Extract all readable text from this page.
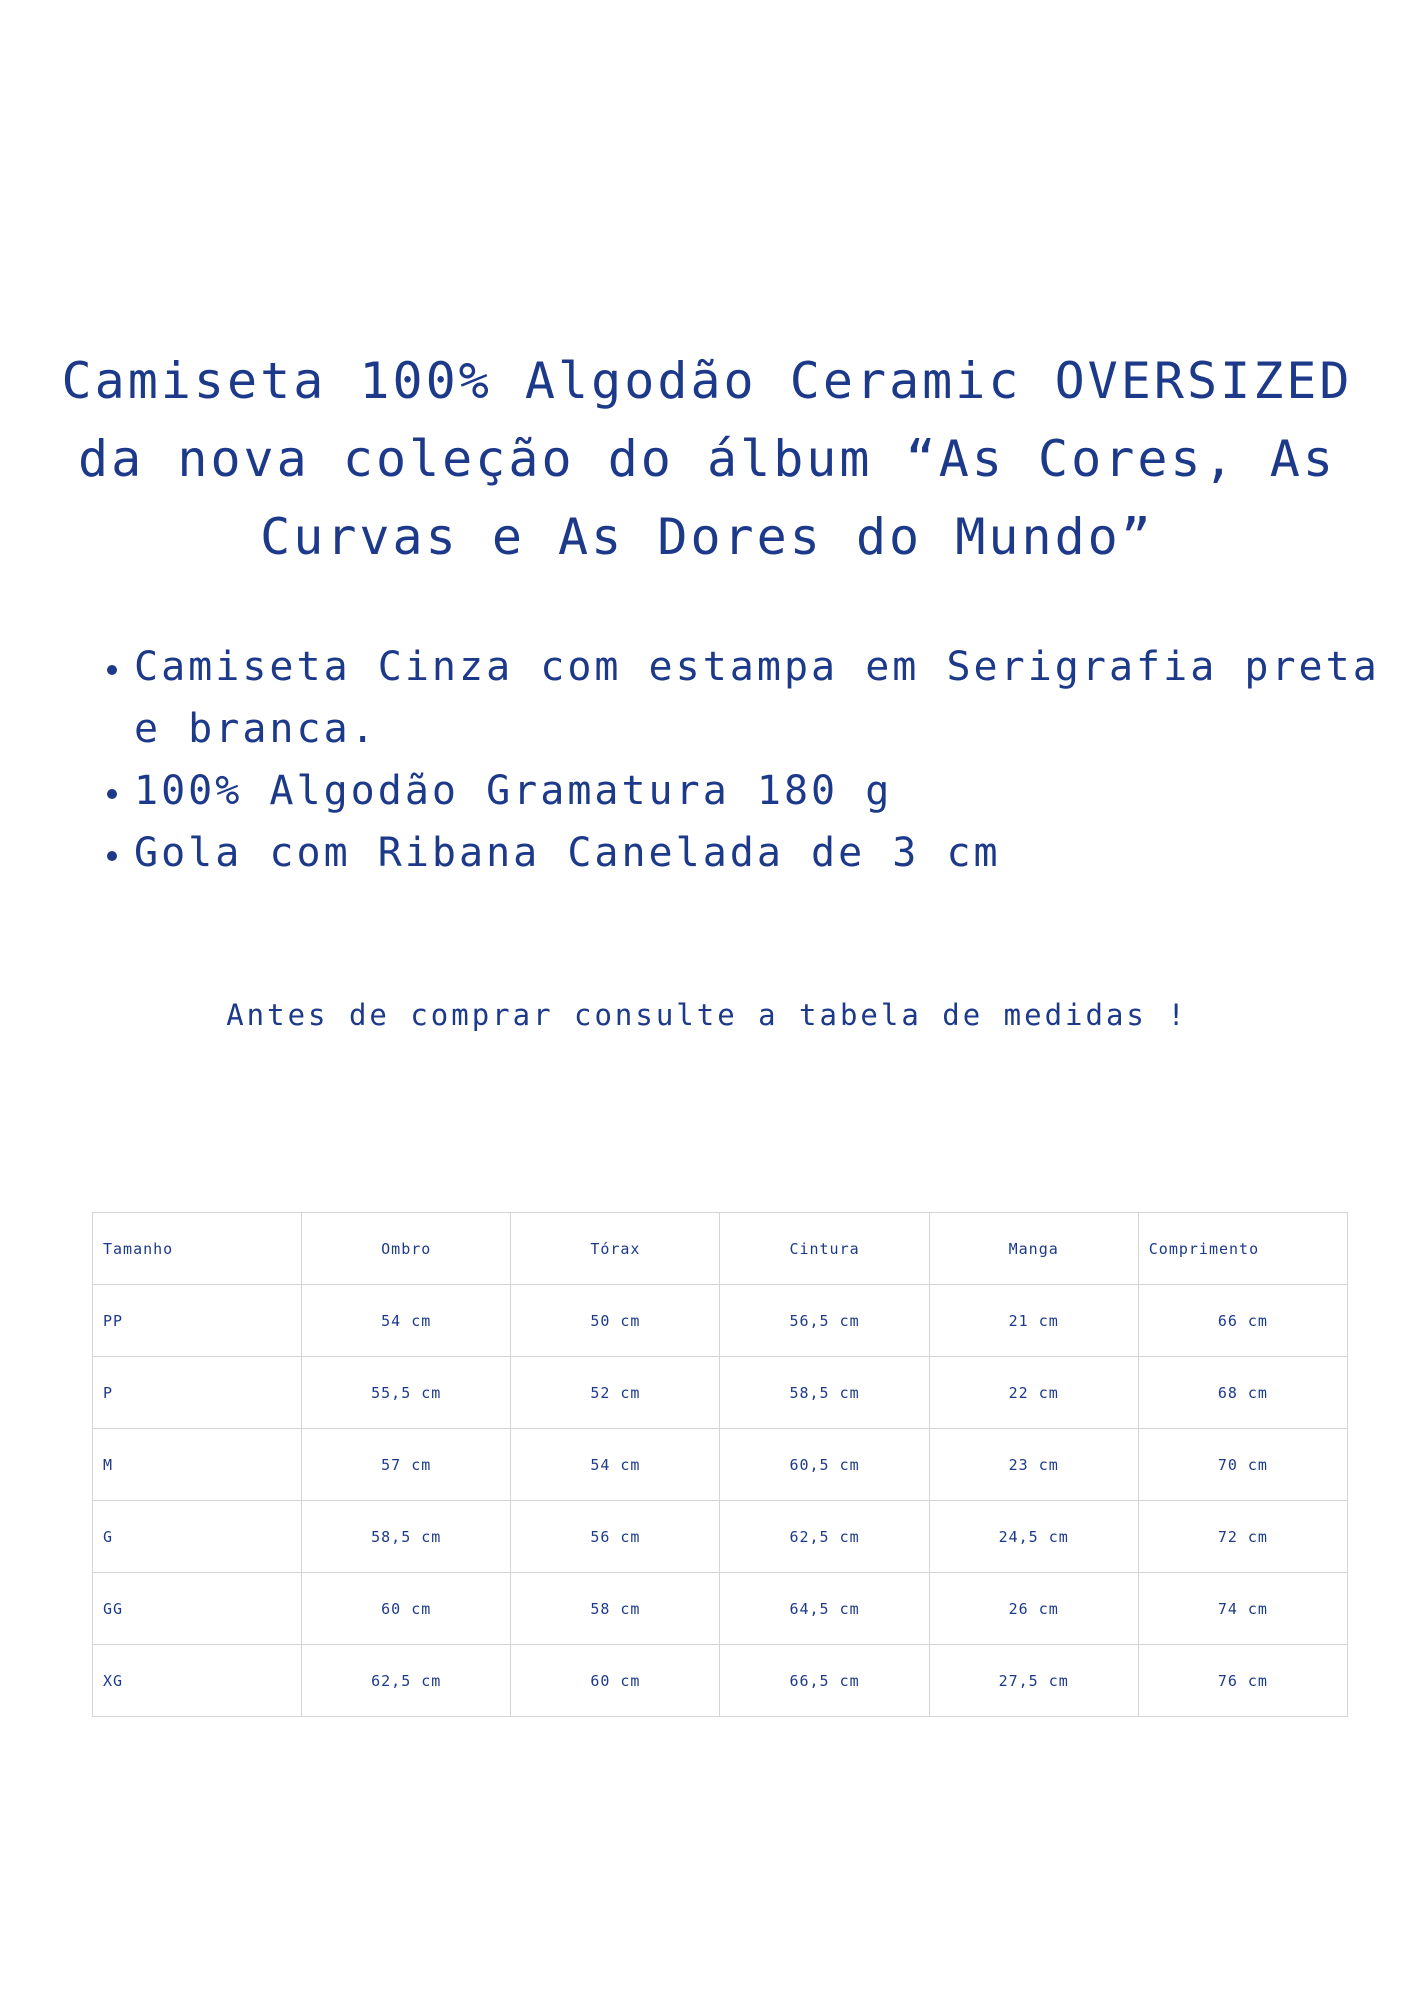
Camiseta 100% Algodão Ceramic OVERSIZED da nova coleção do álbum “As Cores, As Curvas e As Dores do Mundo”
• Camiseta Cinza com estampa em Serigrafia preta e branca.
• 100% Algodão Gramatura 180 g
• Gola com Ribana Canelada de 3 cm

Antes de comprar consulte a tabela de medidas !

Tamanho	Ombro	Tórax	Cintura	Manga	Comprimento
PP	54 cm	50 cm	56,5 cm	21 cm	66 cm
P	55,5 cm	52 cm	58,5 cm	22 cm	68 cm
M	57 cm	54 cm	60,5 cm	23 cm	70 cm
G	58,5 cm	56 cm	62,5 cm	24,5 cm	72 cm
GG	60 cm	58 cm	64,5 cm	26 cm	74 cm
XG	62,5 cm	60 cm	66,5 cm	27,5 cm	76 cm
